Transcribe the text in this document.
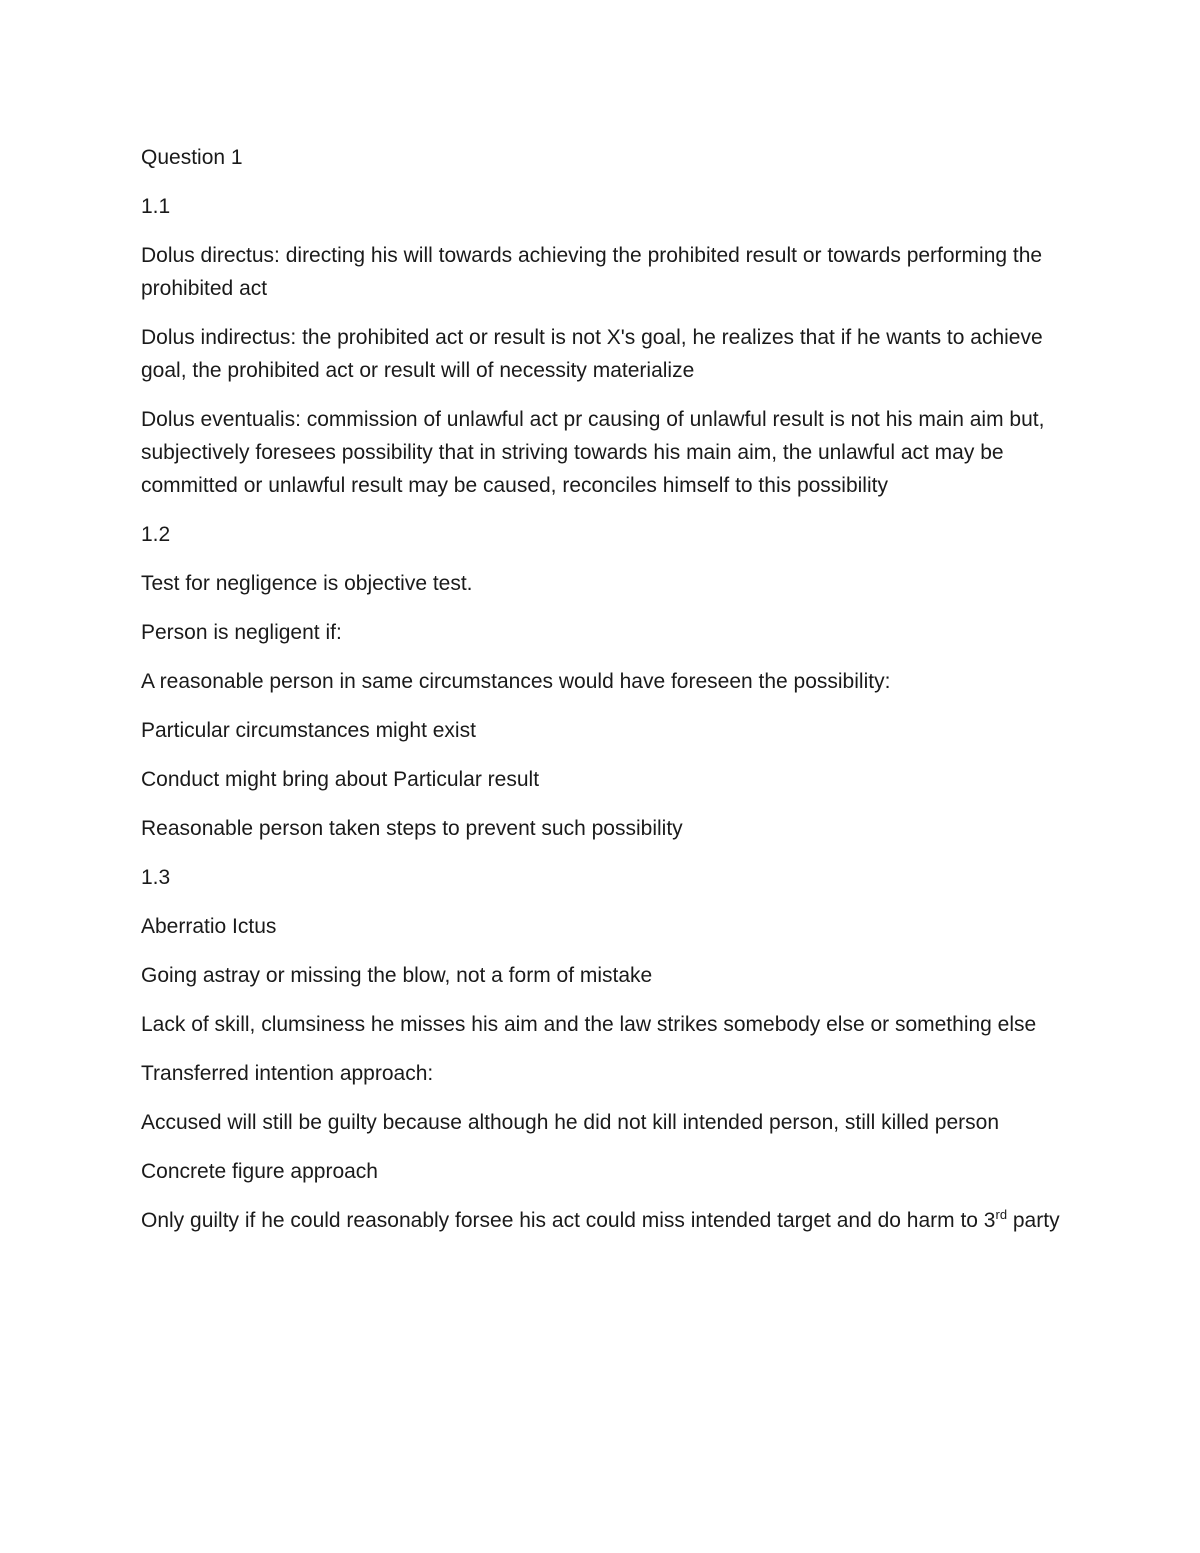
Question 1

1.1

Dolus directus: directing his will towards achieving the prohibited result or towards performing the prohibited act

Dolus indirectus: the prohibited act or result is not X's goal, he realizes that if he wants to achieve goal, the prohibited act or result will of necessity materialize

Dolus eventualis: commission of unlawful act pr causing of unlawful result is not his main aim but, subjectively foresees possibility that in striving towards his main aim, the unlawful act may be committed or unlawful result may be caused, reconciles himself to this possibility

1.2

Test for negligence is objective test.

Person is negligent if:

A reasonable person in same circumstances would have foreseen the possibility:

Particular circumstances might exist

Conduct might bring about Particular result

Reasonable person taken steps to prevent such possibility

1.3

Aberratio Ictus

Going astray or missing the blow, not a form of mistake

Lack of skill, clumsiness he misses his aim and the law strikes somebody else or something else

Transferred intention approach:

Accused will still be guilty because although he did not kill intended person, still killed person

Concrete figure approach

Only guilty if he could reasonably forsee his act could miss intended target and do harm to 3rd party
